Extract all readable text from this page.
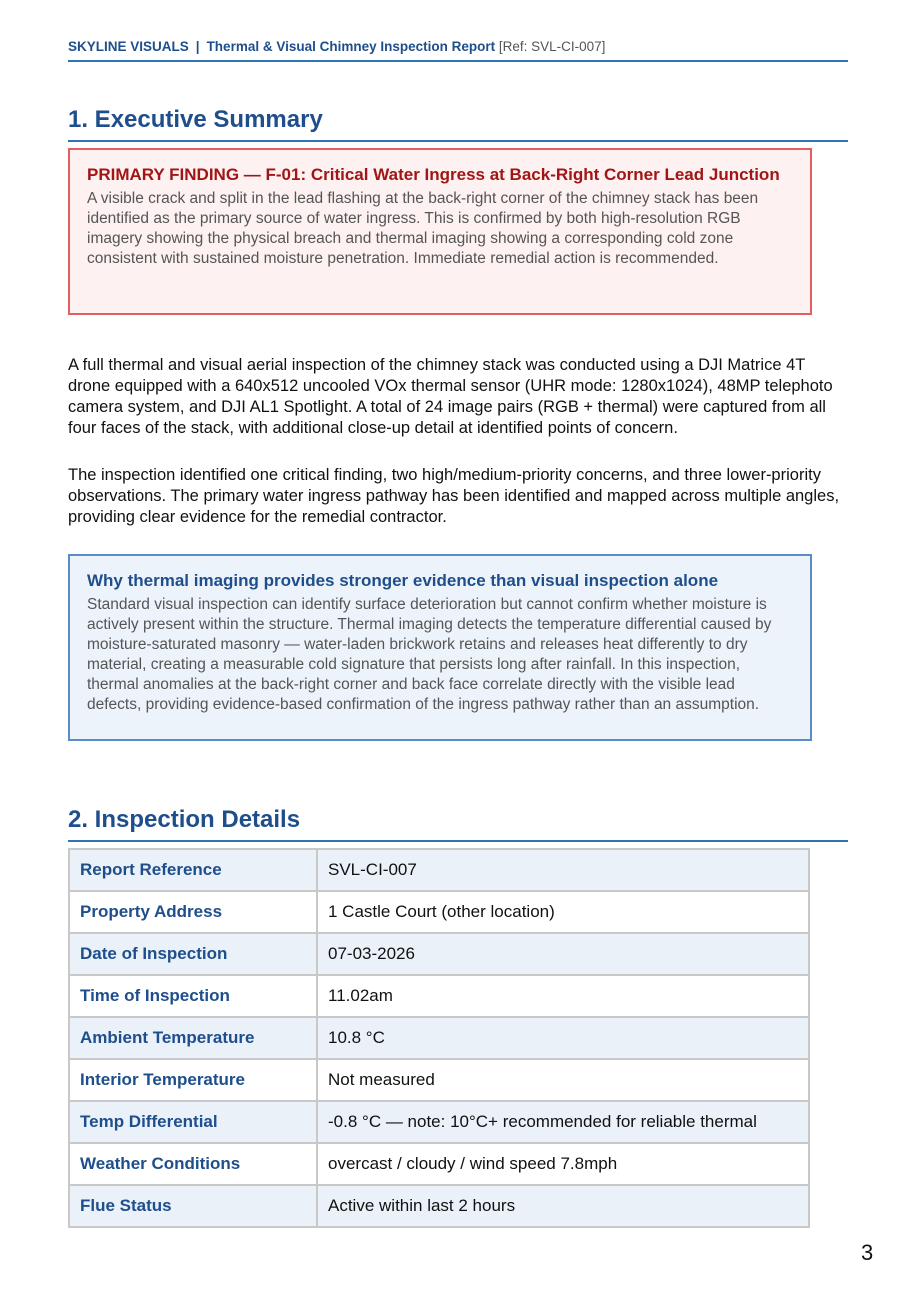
SKYLINE VISUALS | Thermal & Visual Chimney Inspection Report [Ref: SVL-CI-007]
1. Executive Summary
PRIMARY FINDING — F-01: Critical Water Ingress at Back-Right Corner Lead Junction
A visible crack and split in the lead flashing at the back-right corner of the chimney stack has been identified as the primary source of water ingress. This is confirmed by both high-resolution RGB imagery showing the physical breach and thermal imaging showing a corresponding cold zone consistent with sustained moisture penetration. Immediate remedial action is recommended.

A full thermal and visual aerial inspection of the chimney stack was conducted using a DJI Matrice 4T drone equipped with a 640x512 uncooled VOx thermal sensor (UHR mode: 1280x1024), 48MP telephoto camera system, and DJI AL1 Spotlight. A total of 24 image pairs (RGB + thermal) were captured from all four faces of the stack, with additional close-up detail at identified points of concern.

The inspection identified one critical finding, two high/medium-priority concerns, and three lower-priority observations. The primary water ingress pathway has been identified and mapped across multiple angles, providing clear evidence for the remedial contractor.

Why thermal imaging provides stronger evidence than visual inspection alone
Standard visual inspection can identify surface deterioration but cannot confirm whether moisture is actively present within the structure. Thermal imaging detects the temperature differential caused by moisture-saturated masonry — water-laden brickwork retains and releases heat differently to dry material, creating a measurable cold signature that persists long after rainfall. In this inspection, thermal anomalies at the back-right corner and back face correlate directly with the visible lead defects, providing evidence-based confirmation of the ingress pathway rather than an assumption.
2. Inspection Details
Report Reference	SVL-CI-007
Property Address	1 Castle Court (other location)
Date of Inspection	07-03-2026
Time of Inspection	11.02am
Ambient Temperature	10.8 °C
Interior Temperature	Not measured
Temp Differential	-0.8 °C — note: 10°C+ recommended for reliable thermal
Weather Conditions	overcast / cloudy / wind speed 7.8mph
Flue Status	Active within last 2 hours
3
